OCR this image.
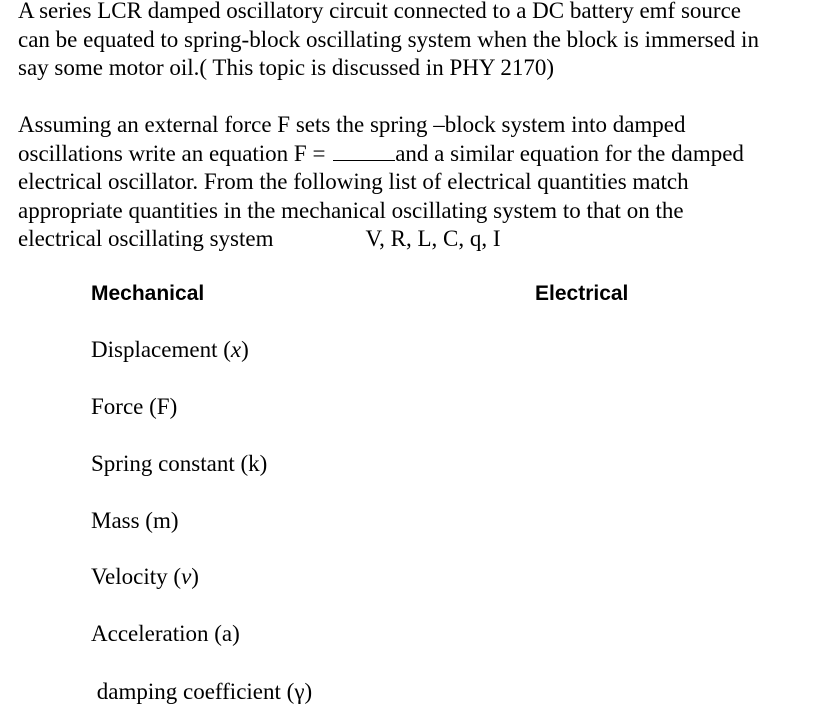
A series LCR damped oscillatory circuit connected to a DC battery emf source
can be equated to spring-block oscillating system when the block is immersed in
say some motor oil.( This topic is discussed in PHY 2170)
Assuming an external force F sets the spring –block system into damped
oscillations write an equation F =	and a similar equation for the damped
electrical oscillator. From the following list of electrical quantities match
appropriate quantities in the mechanical oscillating system to that on the
electrical oscillating system	V, R, L, C, q, I
Mechanical	Electrical
Displacement (x)
Force (F)
Spring constant (k)
Mass (m)
Velocity (v)
Acceleration (a)
damping coefficient (γ)
